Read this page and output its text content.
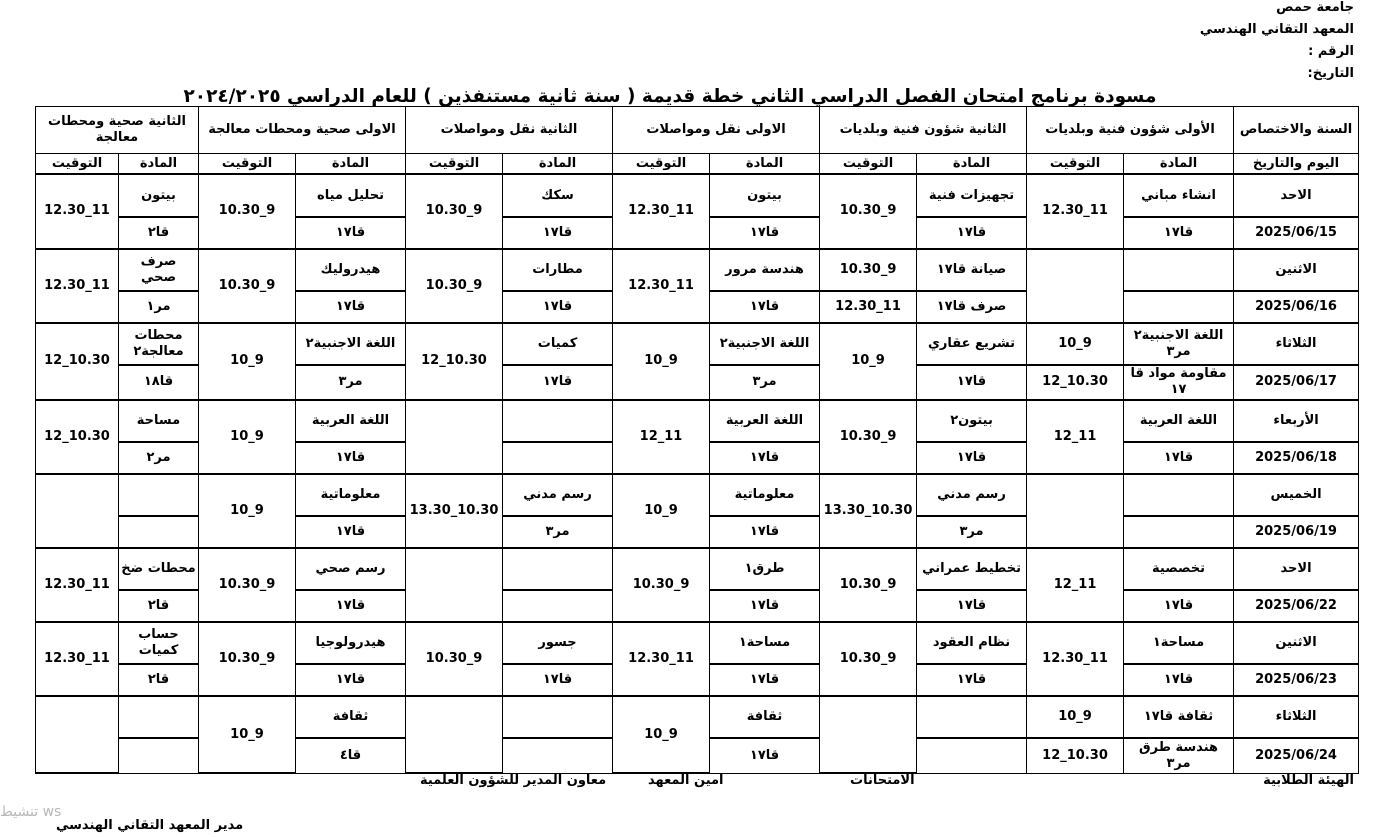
جامعة حمص
المعهد التقاني الهندسي
الرقم :
التاريخ:
مسودة برنامج امتحان الفصل الدراسي الثاني خطة قديمة ( سنة ثانية مستنفذين ) للعام الدراسي ٢٠٢٤/٢٠٢٥
السنة والاختصاص	الأولى شؤون فنية وبلديات		الثانية شؤون فنية وبلديات		الاولى نقل ومواصلات		الثانية نقل ومواصلات		الاولى صحية ومحطات معالجة		الثانية صحية ومحطات معالجة	
اليوم والتاريخ	المادة	التوقيت	المادة	التوقيت	المادة	التوقيت	المادة	التوقيت	المادة	التوقيت	المادة	التوقيت
الاحد	انشاء مباني	11_12.30	تجهيزات فنية	9_10.30	بيتون	11_12.30	سكك	9_10.30	تحليل مياه	9_10.30	بيتون	11_12.30
2025/06/15	قا١٧		قا١٧		قا١٧		قا١٧		قا١٧		قا٢	
الاثنين			صيانة قا١٧	9_10.30	هندسة مرور	11_12.30	مطارات	9_10.30	هيدروليك	9_10.30	صرف صحي	11_12.30
2025/06/16			صرف قا١٧	11_12.30	قا١٧		قا١٧		قا١٧		مر١	
الثلاثاء	اللغة الاجنبية٢ مر٣	9_10	تشريع عقاري	9_10	اللغة الاجنبية٢	9_10	كميات	10.30_12	اللغة الاجنبية٢	9_10	محطات معالجة٢	10.30_12
2025/06/17	مقاومة مواد قا ١٧	10.30_12	قا١٧		مر٣		قا١٧		مر٣		قا١٨	
الأربعاء	اللغة العربية	11_12	بيتون٢	9_10.30	اللغة العربية	11_12			اللغة العربية	9_10	مساحة	10.30_12
2025/06/18	قا١٧		قا١٧		قا١٧				قا١٧		مر٢	
الخميس			رسم مدني	10.30_13.30	معلوماتية	9_10	رسم مدني	10.30_13.30	معلوماتية	9_10		
2025/06/19			مر٣		قا١٧		مر٣		قا١٧			
الاحد	تخصصية	11_12	تخطيط عمراني	9_10.30	طرق١	9_10.30			رسم صحي	9_10.30	محطات ضخ	11_12.30
2025/06/22	قا١٧		قا١٧		قا١٧				قا١٧		قا٢	
الاثنين	مساحة١	11_12.30	نظام العقود	9_10.30	مساحة١	11_12.30	جسور	9_10.30	هيدرولوجيا	9_10.30	حساب كميات	11_12.30
2025/06/23	قا١٧		قا١٧		قا١٧		قا١٧		قا١٧		قا٢	
الثلاثاء	ثقافة قا١٧	9_10			ثقافة	9_10			ثقافة	9_10		
2025/06/24	هندسة طرق مر٣	10.30_12			قا١٧				قا٤			
الهيئة الطلابية
الامتحانات
امين المعهد
معاون المدير للشؤون العلمية
مدير المعهد التقاني الهندسي
تنشيط ws
